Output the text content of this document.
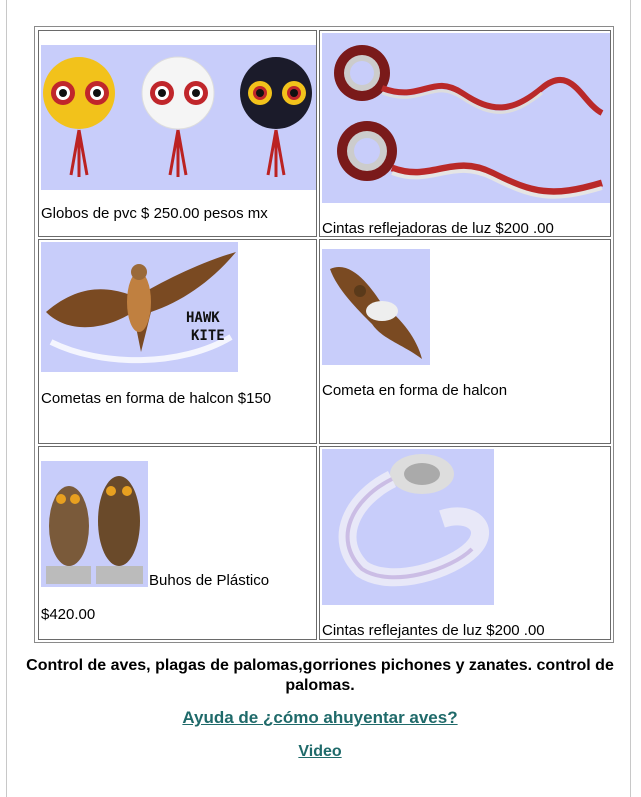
Globos de pvc $ 250.00 pesos mx
Cintas reflejadoras de luz $200 .00
HAWK
KITE
Cometas en forma de halcon $150	Cometa en forma de halcon
Buhos de Plástico
$420.00
Cintas reflejantes de luz $200 .00
Control de aves, plagas de palomas,gorriones pichones y zanates. control de palomas.
Ayuda de ¿cómo ahuyentar aves?
Video
